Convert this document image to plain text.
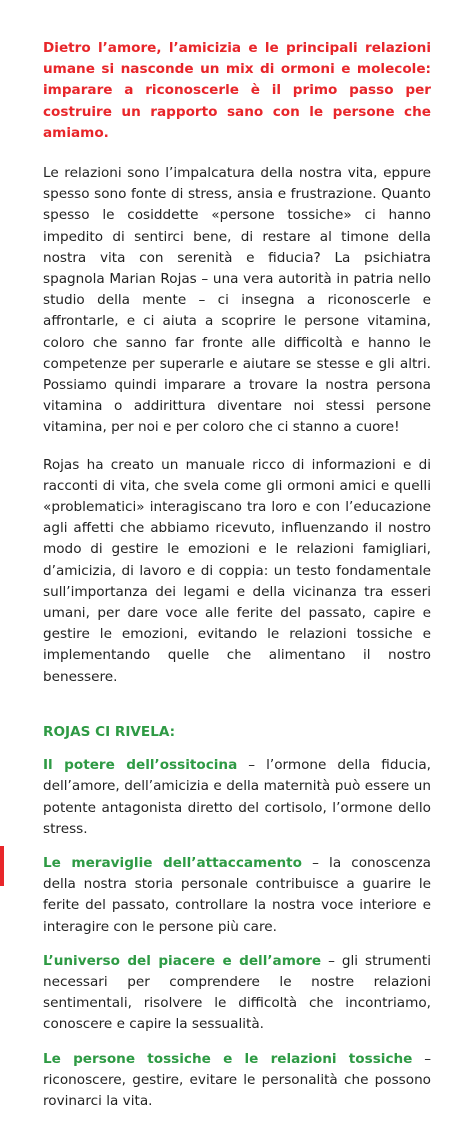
Dietro l’amore, l’amicizia e le principali relazioni umane si nasconde un mix di ormoni e molecole: imparare a riconoscerle è il primo passo per costruire un rapporto sano con le persone che amiamo.

Le relazioni sono l’impalcatura della nostra vita, eppure spesso sono fonte di stress, ansia e frustrazione. Quanto spesso le cosiddette «persone tossiche» ci hanno impedito di sentirci bene, di restare al timone della nostra vita con serenità e fiducia? La psichiatra spagnola Marian Rojas – una vera autorità in patria nello studio della mente – ci insegna a riconoscerle e affrontarle, e ci aiuta a scoprire le persone vitamina, coloro che sanno far fronte alle difficoltà e hanno le competenze per superarle e aiutare se stesse e gli altri. Possiamo quindi imparare a trovare la nostra persona vitamina o addirittura diventare noi stessi persone vitamina, per noi e per coloro che ci stanno a cuore!

Rojas ha creato un manuale ricco di informazioni e di racconti di vita, che svela come gli ormoni amici e quelli «problematici» interagiscano tra loro e con l’educazione agli affetti che abbiamo ricevuto, influenzando il nostro modo di gestire le emozioni e le relazioni famigliari, d’amicizia, di lavoro e di coppia: un testo fondamentale sull’importanza dei legami e della vicinanza tra esseri umani, per dare voce alle ferite del passato, capire e gestire le emozioni, evitando le relazioni tossiche e implementando quelle che alimentano il nostro benessere.

ROJAS CI RIVELA:

Il potere dell’ossitocina – l’ormone della fiducia, dell’amore, dell’amicizia e della maternità può essere un potente antagonista diretto del cortisolo, l’ormone dello stress.

Le meraviglie dell’attaccamento – la conoscenza della nostra storia personale contribuisce a guarire le ferite del passato, controllare la nostra voce interiore e interagire con le persone più care.

L’universo del piacere e dell’amore – gli strumenti necessari per comprendere le nostre relazioni sentimentali, risolvere le difficoltà che incontriamo, conoscere e capire la sessualità.

Le persone tossiche e le relazioni tossiche – riconoscere, gestire, evitare le personalità che possono rovinarci la vita.
